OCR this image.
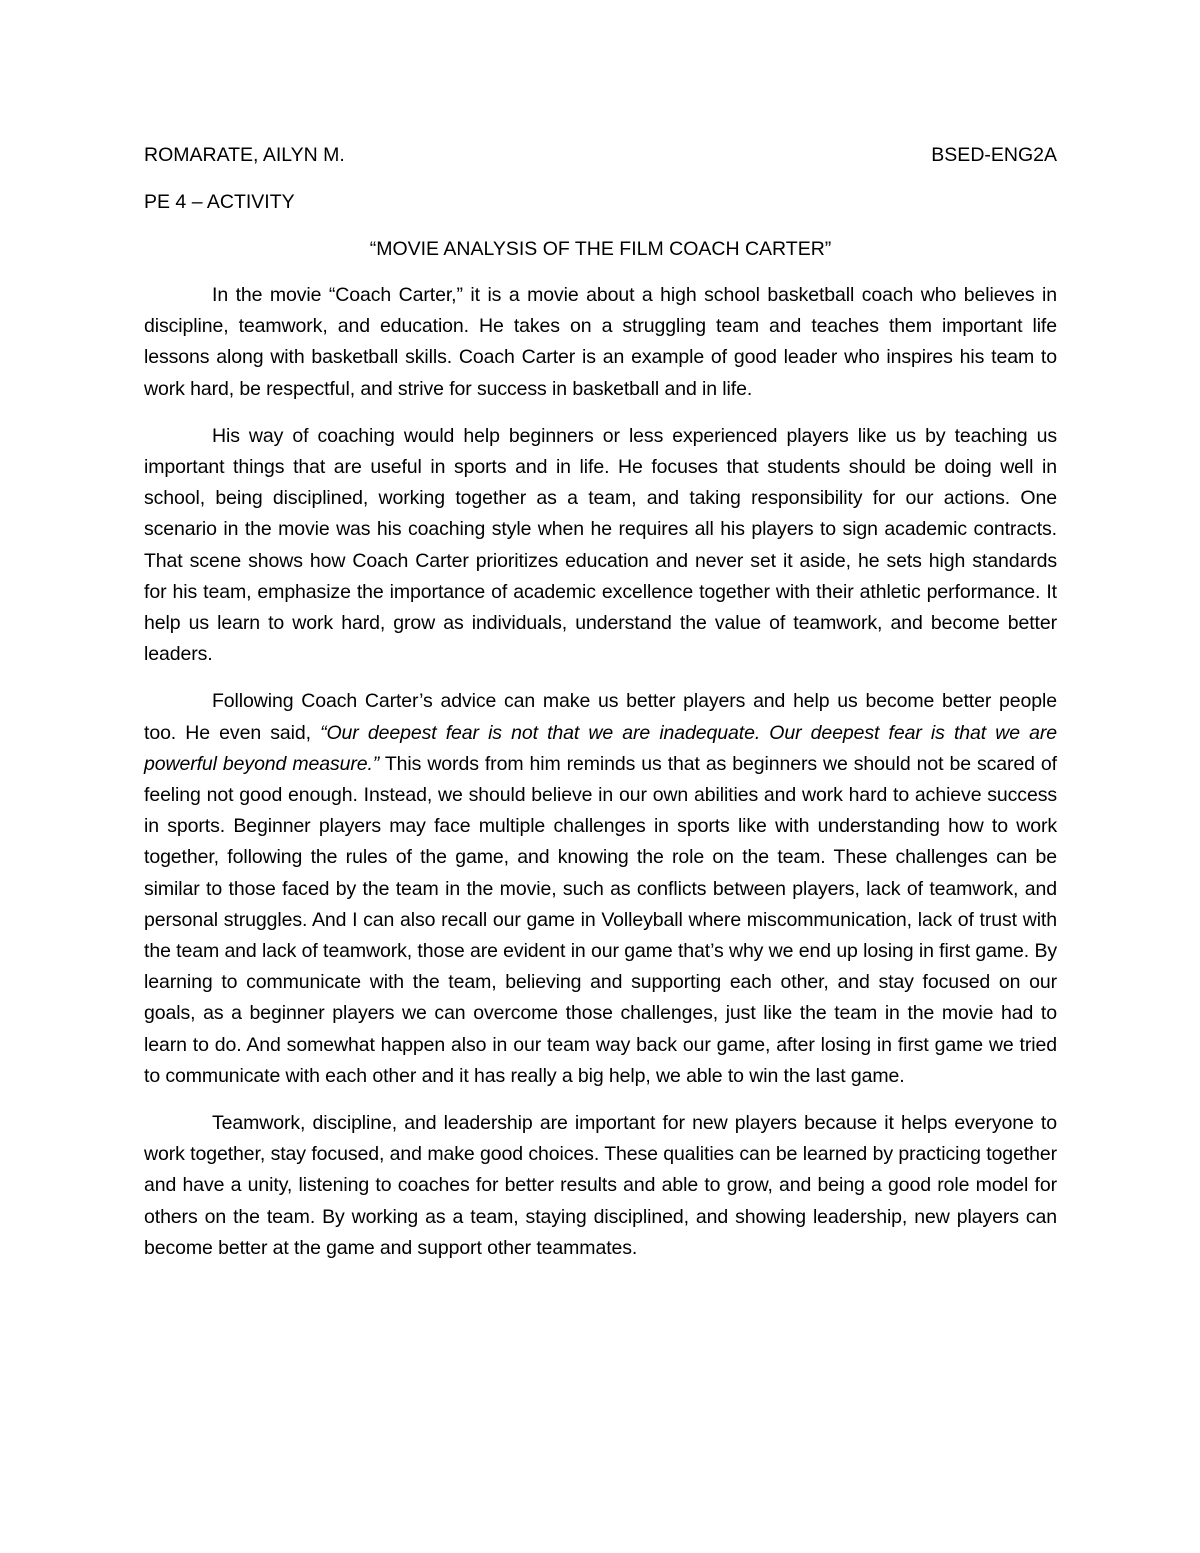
ROMARATE, AILYN M.	BSED-ENG2A
PE 4 – ACTIVITY
“MOVIE ANALYSIS OF THE FILM COACH CARTER”

In the movie “Coach Carter,” it is a movie about a high school basketball coach who believes in discipline, teamwork, and education. He takes on a struggling team and teaches them important life lessons along with basketball skills. Coach Carter is an example of good leader who inspires his team to work hard, be respectful, and strive for success in basketball and in life.

His way of coaching would help beginners or less experienced players like us by teaching us important things that are useful in sports and in life. He focuses that students should be doing well in school, being disciplined, working together as a team, and taking responsibility for our actions. One scenario in the movie was his coaching style when he requires all his players to sign academic contracts. That scene shows how Coach Carter prioritizes education and never set it aside, he sets high standards for his team, emphasize the importance of academic excellence together with their athletic performance. It help us learn to work hard, grow as individuals, understand the value of teamwork, and become better leaders.

Following Coach Carter’s advice can make us better players and help us become better people too. He even said, “Our deepest fear is not that we are inadequate. Our deepest fear is that we are powerful beyond measure.” This words from him reminds us that as beginners we should not be scared of feeling not good enough. Instead, we should believe in our own abilities and work hard to achieve success in sports. Beginner players may face multiple challenges in sports like with understanding how to work together, following the rules of the game, and knowing the role on the team. These challenges can be similar to those faced by the team in the movie, such as conflicts between players, lack of teamwork, and personal struggles. And I can also recall our game in Volleyball where miscommunication, lack of trust with the team and lack of teamwork, those are evident in our game that’s why we end up losing in first game. By learning to communicate with the team, believing and supporting each other, and stay focused on our goals, as a beginner players we can overcome those challenges, just like the team in the movie had to learn to do. And somewhat happen also in our team way back our game, after losing in first game we tried to communicate with each other and it has really a big help, we able to win the last game.

Teamwork, discipline, and leadership are important for new players because it helps everyone to work together, stay focused, and make good choices. These qualities can be learned by practicing together and have a unity, listening to coaches for better results and able to grow, and being a good role model for others on the team. By working as a team, staying disciplined, and showing leadership, new players can become better at the game and support other teammates.
